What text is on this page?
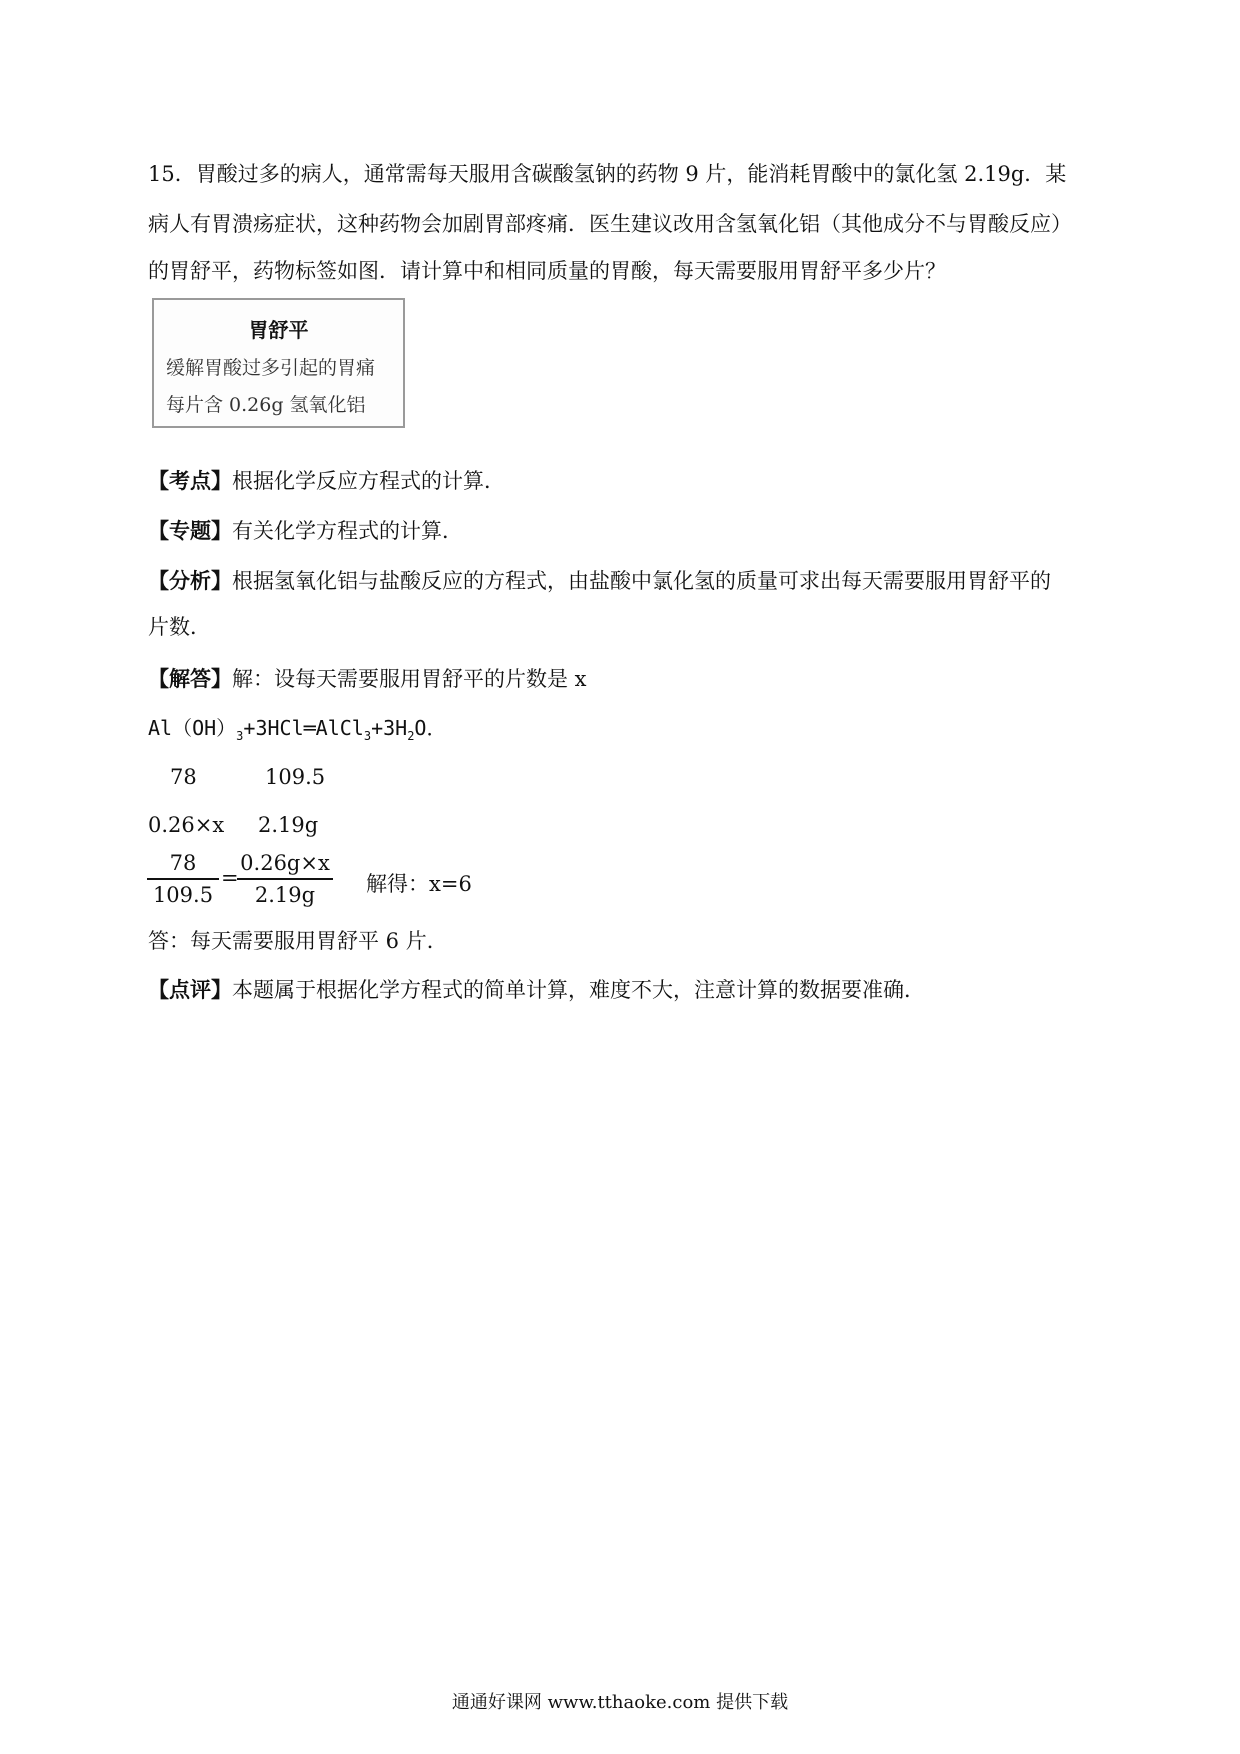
15．胃酸过多的病人，通常需每天服用含碳酸氢钠的药物 9 片，能消耗胃酸中的氯化氢 2.19g．某
病人有胃溃疡症状，这种药物会加剧胃部疼痛．医生建议改用含氢氧化铝（其他成分不与胃酸反应）
的胃舒平，药物标签如图．请计算中和相同质量的胃酸，每天需要服用胃舒平多少片？
胃舒平
缓解胃酸过多引起的胃痛
每片含 0.26g 氢氧化铝
【考点】根据化学反应方程式的计算．
【专题】有关化学方程式的计算．
【分析】根据氢氧化铝与盐酸反应的方程式，由盐酸中氯化氢的质量可求出每天需要服用胃舒平的
片数．
【解答】解：设每天需要服用胃舒平的片数是 x
$Al(OH)_3+3HCl═AlCl_3+3H_2O$．
78	109.5
0.26×x 2.19g
$\frac{78}{109.5}$ =
$\frac{0.26g\times x}{2.19g}$ 解得：x=6
答：每天需要服用胃舒平 6 片．
【点评】本题属于根据化学方程式的简单计算，难度不大，注意计算的数据要准确．
通通好课网 www.tthaoke.com 提供下载
